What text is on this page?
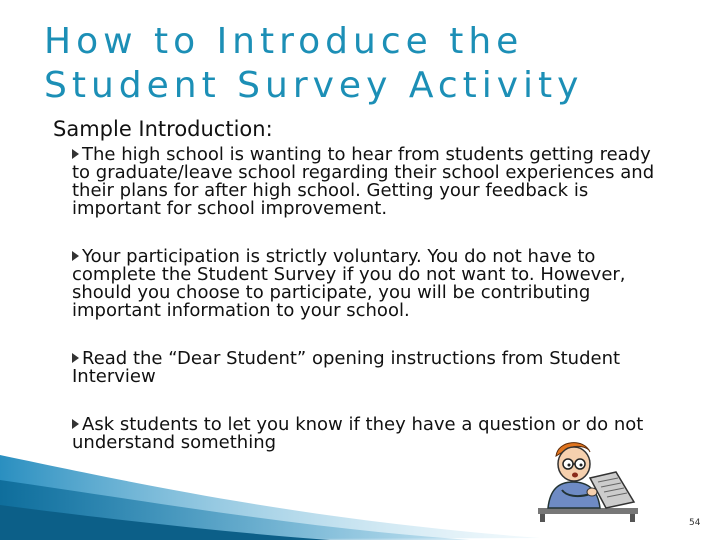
How to Introduce the Student Survey Activity
Sample Introduction:
The high school is wanting to hear from students getting ready to graduate/leave school regarding their school experiences and their plans for after high school. Getting your feedback is important for school improvement.
Your participation is strictly voluntary. You do not have to complete the Student Survey if you do not want to. However, should you choose to participate, you will be contributing important information to your school.
Read the “Dear Student” opening instructions from Student Interview
Ask students to let you know if they have a question or do not understand something
54
